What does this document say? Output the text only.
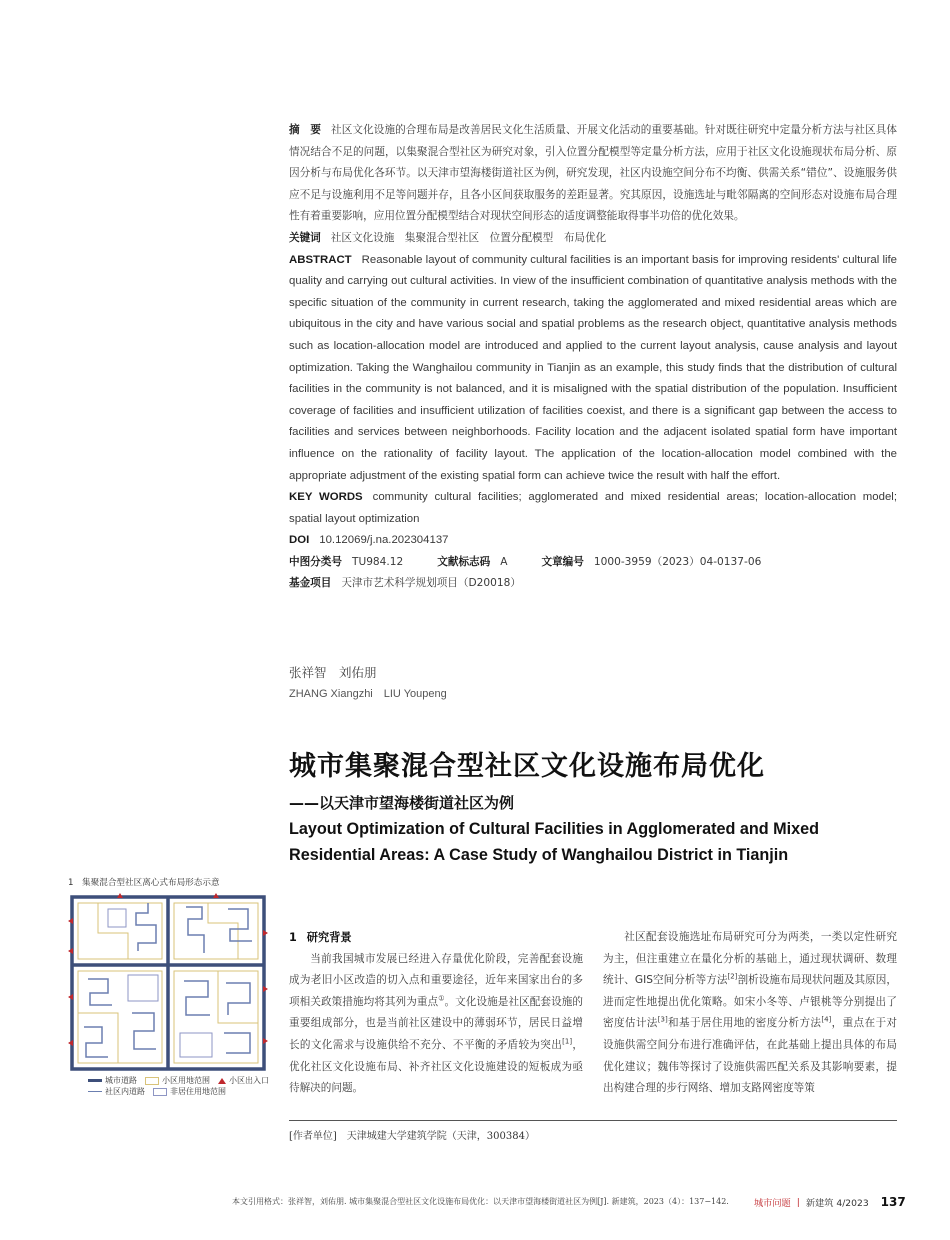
摘　要 社区文化设施的合理布局是改善居民文化生活质量、开展文化活动的重要基础。针对既往研究中定量分析方法与社区具体情况结合不足的问题，以集聚混合型社区为研究对象，引入位置分配模型等定量分析方法，应用于社区文化设施现状布局分析、原因分析与布局优化各环节。以天津市望海楼街道社区为例，研究发现，社区内设施空间分布不均衡、供需关系“错位”、设施服务供应不足与设施利用不足等问题并存，且各小区间获取服务的差距显著。究其原因，设施选址与毗邻隔离的空间形态对设施布局合理性有着重要影响，应用位置分配模型结合对现状空间形态的适度调整能取得事半功倍的优化效果。

关键词 社区文化设施　集聚混合型社区　位置分配模型　布局优化

ABSTRACT Reasonable layout of community cultural facilities is an important basis for improving residents' cultural life quality and carrying out cultural activities. In view of the insufficient combination of quantitative analysis methods with the specific situation of the community in current research, taking the agglomerated and mixed residential areas which are ubiquitous in the city and have various social and spatial problems as the research object, quantitative analysis methods such as location-allocation model are introduced and applied to the current layout analysis, cause analysis and layout optimization. Taking the Wanghailou community in Tianjin as an example, this study finds that the distribution of cultural facilities in the community is not balanced, and it is misaligned with the spatial distribution of the population. Insufficient coverage of facilities and insufficient utilization of facilities coexist, and there is a significant gap between the access to facilities and services between neighborhoods. Facility location and the adjacent isolated spatial form have important influence on the rationality of facility layout. The application of the location-allocation model combined with the appropriate adjustment of the existing spatial form can achieve twice the result with half the effort.

KEY WORDS community cultural facilities; agglomerated and mixed residential areas; location-allocation model; spatial layout optimization

DOI 10.12069/j.na.202304137

中图分类号 TU984.12	文献标志码 A	文章编号 1000-3959（2023）04-0137-06

基金项目 天津市艺术科学规划项目（D20018）

张祥智　刘佑朋
ZHANG Xiangzhi　LIU Youpeng
城市集聚混合型社区文化设施布局优化
——以天津市望海楼街道社区为例
Layout Optimization of Cultural Facilities in Agglomerated and Mixed Residential Areas: A Case Study of Wanghailou District in Tianjin
1　集聚混合型社区离心式布局形态示意
城市道路	小区用地范围 小区出入口
社区内道路	非居住用地范围

1 研究背景

当前我国城市发展已经进入存量优化阶段，完善配套设施成为老旧小区改造的切入点和重要途径，近年来国家出台的多项相关政策措施均将其列为重点①。文化设施是社区配套设施的重要组成部分，也是当前社区建设中的薄弱环节，居民日益增长的文化需求与设施供给不充分、不平衡的矛盾较为突出[1]，优化社区文化设施布局、补齐社区文化设施建设的短板成为亟待解决的问题。

社区配套设施选址布局研究可分为两类，一类以定性研究为主，但注重建立在量化分析的基础上，通过现状调研、数理统计、GIS空间分析等方法[2]剖析设施布局现状问题及其原因，进而定性地提出优化策略。如宋小冬等、卢银桃等分别提出了密度估计法[3]和基于居住用地的密度分析方法[4]，重点在于对设施供需空间分布进行准确评估，在此基础上提出具体的布局优化建议；魏伟等探讨了设施供需匹配关系及其影响要素，提出构建合理的步行网络、增加支路网密度等策

[作者单位]　天津城建大学建筑学院（天津，300384）
本文引用格式：张祥智，刘佑朋. 城市集聚混合型社区文化设施布局优化：以天津市望海楼街道社区为例[J]. 新建筑，2023（4）：137−142.	城市问题 | 新建筑 4/2023 137
